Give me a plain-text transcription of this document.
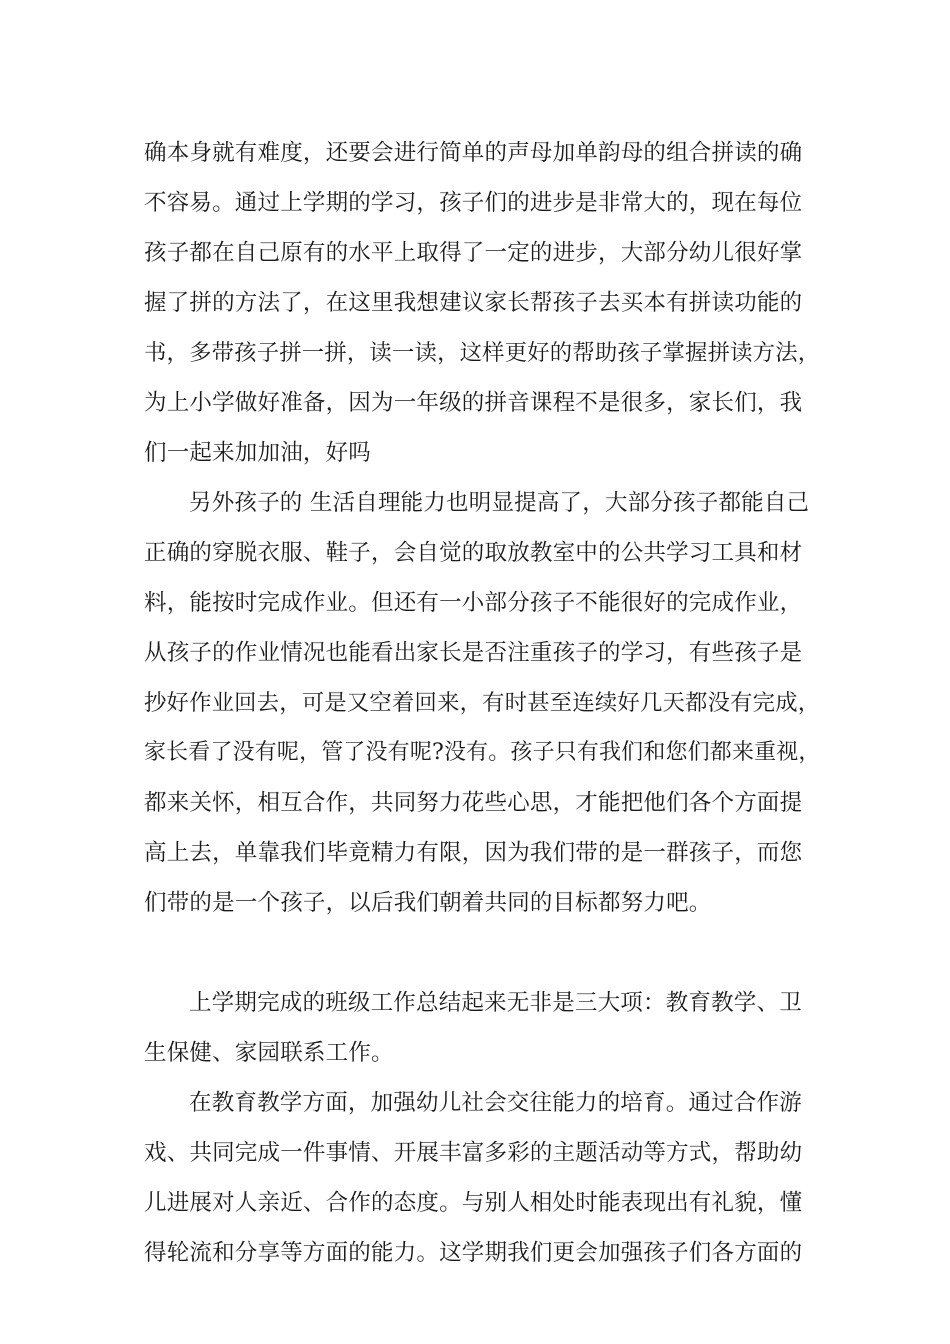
确本身就有难度，还要会进行简单的声母加单韵母的组合拼读的确
不容易。通过上学期的学习，孩子们的进步是非常大的，现在每位
孩子都在自己原有的水平上取得了一定的进步，大部分幼儿很好掌
握了拼的方法了，在这里我想建议家长帮孩子去买本有拼读功能的
书，多带孩子拼一拼，读一读，这样更好的帮助孩子掌握拼读方法，
为上小学做好准备，因为一年级的拼音课程不是很多，家长们，我
们一起来加加油，好吗
另外孩子的 生活自理能力也明显提高了，大部分孩子都能自己
正确的穿脱衣服、鞋子，会自觉的取放教室中的公共学习工具和材
料，能按时完成作业。但还有一小部分孩子不能很好的完成作业，
从孩子的作业情况也能看出家长是否注重孩子的学习，有些孩子是
抄好作业回去，可是又空着回来，有时甚至连续好几天都没有完成，
家长看了没有呢，管了没有呢?没有。孩子只有我们和您们都来重视，
都来关怀，相互合作，共同努力花些心思，才能把他们各个方面提
高上去，单靠我们毕竟精力有限，因为我们带的是一群孩子，而您
们带的是一个孩子，以后我们朝着共同的目标都努力吧。
上学期完成的班级工作总结起来无非是三大项：教育教学、卫
生保健、家园联系工作。
在教育教学方面，加强幼儿社会交往能力的培育。通过合作游
戏、共同完成一件事情、开展丰富多彩的主题活动等方式，帮助幼
儿进展对人亲近、合作的态度。与别人相处时能表现出有礼貌，懂
得轮流和分享等方面的能力。这学期我们更会加强孩子们各方面的
